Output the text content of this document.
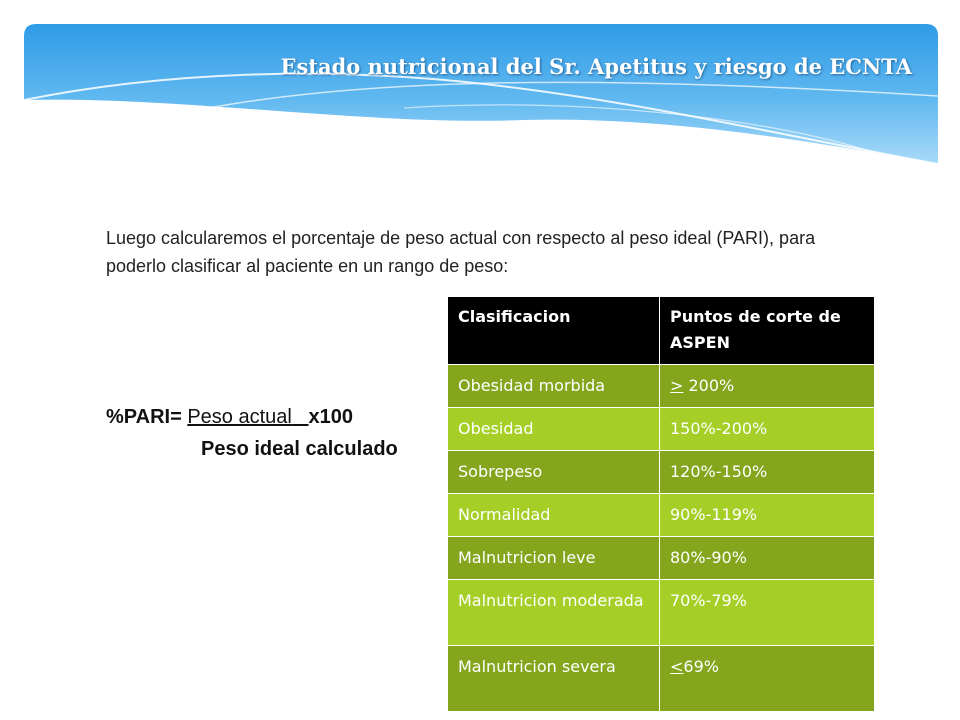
Estado nutricional del Sr. Apetitus y riesgo de ECNTA

Luego calcularemos el porcentaje de peso actual con respecto al peso ideal (PARI), para poderlo clasificar al paciente en un rango de peso:

%PARI= Peso actual x100
Peso ideal calculado
Clasificacion	Puntos de corte de ASPEN
Obesidad morbida	> 200%
Obesidad	150%-200%
Sobrepeso	120%-150%
Normalidad	90%-119%
Malnutricion leve	80%-90%
Malnutricion moderada	70%-79%
Malnutricion severa	<69%
